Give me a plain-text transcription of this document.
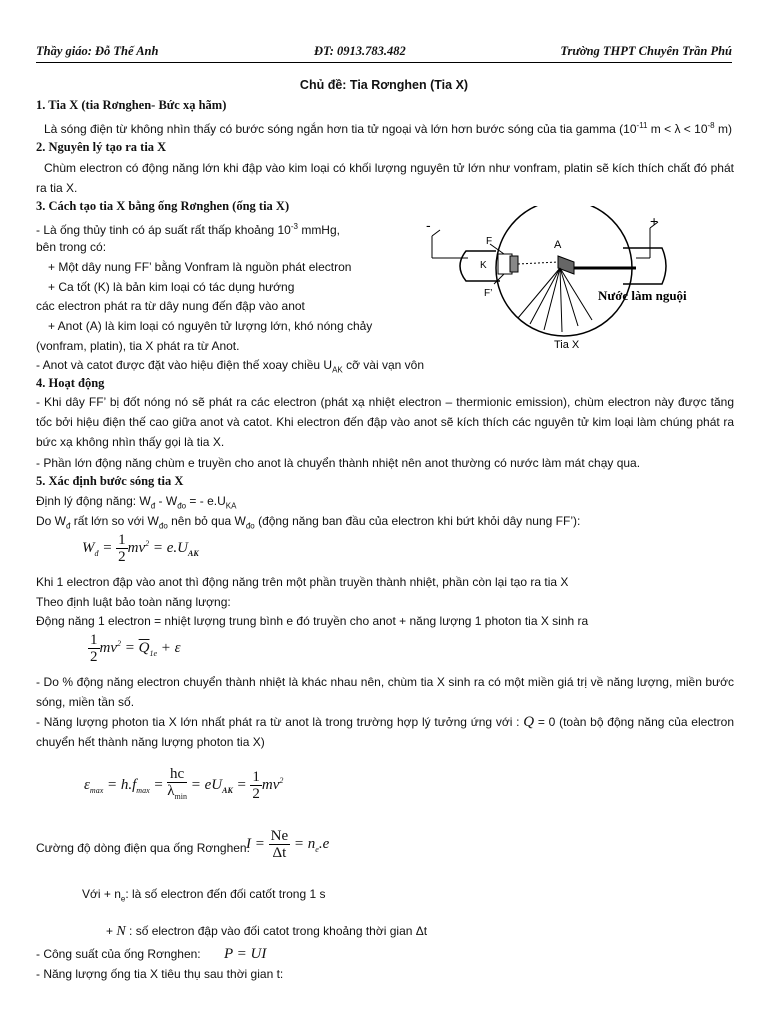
Thầy giáo: Đỗ Thế Anh	ĐT: 0913.783.482	Trường THPT Chuyên Trần Phú
Chủ đề: Tia Rơnghen (Tia X)
1. Tia X (tia Rơnghen- Bức xạ hãm)
Là sóng điện từ không nhìn thấy có bước sóng ngắn hơn tia tử ngoại và lớn hơn bước sóng của tia gamma ($10^{-11}$ $m < \lambda < 10^{-8}$ m)
2. Nguyên lý tạo ra tia X
Chùm electron có động năng lớn khi đập vào kim loại có khối lượng nguyên tử lớn như vonfram, platin sẽ kích thích chất đó phát ra tia X.
3. Cách tạo tia X bằng ống Rơnghen (ống tia X)
- Là ống thủy tinh có áp suất rất thấp khoảng $10^{-3}$ mmHg,
bên trong có:
+ Một dây nung FF’ bằng Vonfram là nguồn phát electron
+ Ca tốt (K) là bản kim loại có tác dụng hướng
các electron phát ra từ dây nung đến đập vào anot
+ Anot (A) là kim loại có nguyên tử lượng lớn, khó nóng chảy
(vonfram, platin), tia X phát ra từ Anot.
- Anot và catot được đặt vào hiệu điện thế xoay chiều $U_{AK}$ cỡ vài vạn vôn
-	+
F
K
F’
A
Nước làm nguội
Tia X
4. Hoạt động
- Khi dây FF’ bị đốt nóng nó sẽ phát ra các electron (phát xạ nhiệt electron – thermionic emission), chùm electron này được tăng tốc bởi hiệu điện thế cao giữa anot và catot. Khi electron đến đập vào anot sẽ kích thích các nguyên tử kim loại làm chúng phát ra bức xạ không nhìn thấy gọi là tia X.
- Phần lớn động năng chùm e truyền cho anot là chuyển thành nhiệt nên anot thường có nước làm mát chạy qua.
5. Xác định bước sóng tia X
Định lý động năng: $W_đ - W_{đo}$ = - $e.U_{KA}$
Do $W_đ$ rất lớn so với $W_{đo}$ nên bỏ qua $W_{đo}$ (động năng ban đầu của electron khi bứt khỏi dây nung FF’):
$W_đ = \frac{1}{2} mv^2 = e.U_{AK}$
Khi 1 electron đập vào anot thì động năng trên một phần truyền thành nhiệt, phần còn lại tạo ra tia X
Theo định luật bảo toàn năng lượng:
Động năng 1 electron = nhiệt lượng trung bình e đó truyền cho anot + năng lượng 1 photon tia X sinh ra
$\frac{1}{2} mv^2 = \overline{Q}_{1e} + \varepsilon$
- Do % động năng electron chuyển thành nhiệt là khác nhau nên, chùm tia X sinh ra có một miền giá trị về năng lượng, miền bước sóng, miền tần số.
- Năng lượng photon tia X lớn nhất phát ra từ anot là trong trường hợp lý tưởng ứng với : Q = 0 (toàn bộ động năng của electron chuyển hết thành năng lượng photon tia X)
$\varepsilon_{max} = h.f_{max} = \frac{hc}{\lambda_{min}} = eU_{AK} = \frac{1}{2} mv^2$
Cường độ dòng điện qua ống Rơnghen:
$I = \frac{Ne}{\Delta t} = n_e.e$
Với + $n_e$: là số electron đến đối catốt trong 1 s
+ N : số electron đập vào đối catot trong khoảng thời gian Δt
- Công suất của ống Rơnghen: P = UI
- Năng lượng ống tia X tiêu thụ sau thời gian t:
